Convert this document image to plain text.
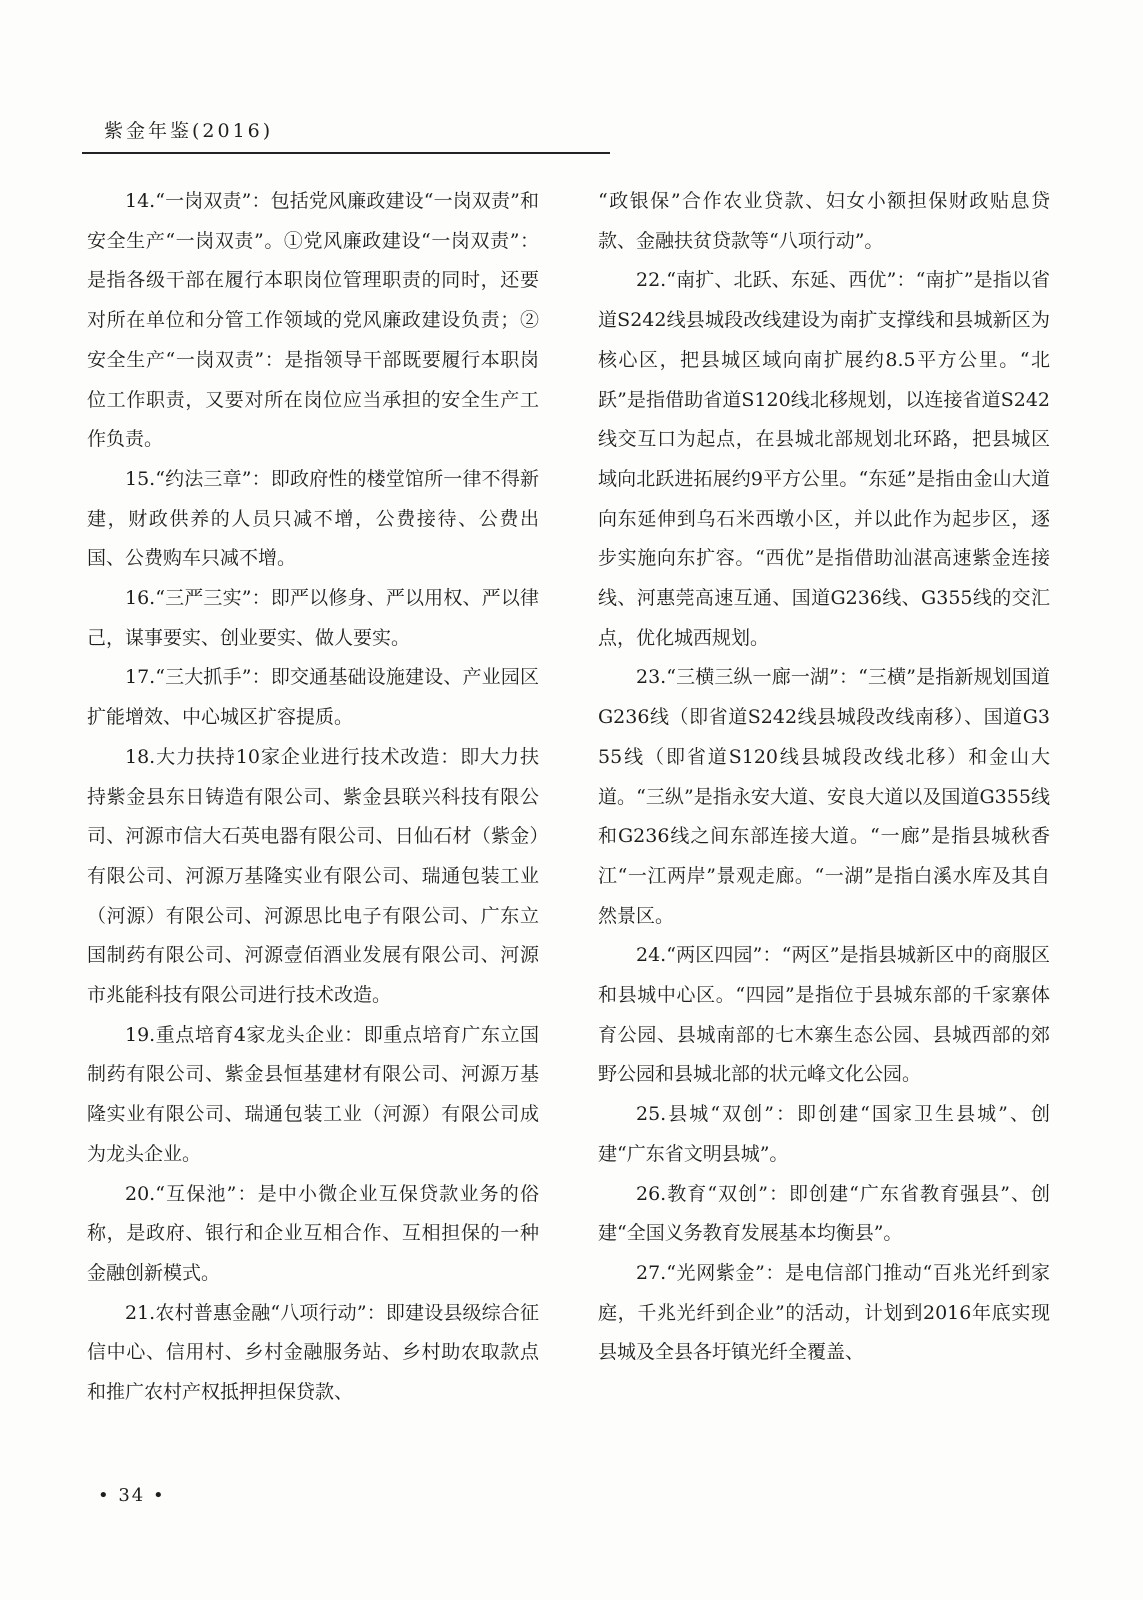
紫金年鉴(2016)

14.“一岗双责”：包括党风廉政建设“一岗双责”和安全生产“一岗双责”。①党风廉政建设“一岗双责”：是指各级干部在履行本职岗位管理职责的同时，还要对所在单位和分管工作领域的党风廉政建设负责；②安全生产“一岗双责”：是指领导干部既要履行本职岗位工作职责，又要对所在岗位应当承担的安全生产工作负责。

15.“约法三章”：即政府性的楼堂馆所一律不得新建，财政供养的人员只减不增，公费接待、公费出国、公费购车只减不增。

16.“三严三实”：即严以修身、严以用权、严以律己，谋事要实、创业要实、做人要实。

17.“三大抓手”：即交通基础设施建设、产业园区扩能增效、中心城区扩容提质。

18.大力扶持10家企业进行技术改造：即大力扶持紫金县东日铸造有限公司、紫金县联兴科技有限公司、河源市信大石英电器有限公司、日仙石材（紫金）有限公司、河源万基隆实业有限公司、瑞通包装工业（河源）有限公司、河源思比电子有限公司、广东立国制药有限公司、河源壹佰酒业发展有限公司、河源市兆能科技有限公司进行技术改造。

19.重点培育4家龙头企业：即重点培育广东立国制药有限公司、紫金县恒基建材有限公司、河源万基隆实业有限公司、瑞通包装工业（河源）有限公司成为龙头企业。

20.“互保池”：是中小微企业互保贷款业务的俗称，是政府、银行和企业互相合作、互相担保的一种金融创新模式。

21.农村普惠金融“八项行动”：即建设县级综合征信中心、信用村、乡村金融服务站、乡村助农取款点和推广农村产权抵押担保贷款、

“政银保”合作农业贷款、妇女小额担保财政贴息贷款、金融扶贫贷款等“八项行动”。

22.“南扩、北跃、东延、西优”：“南扩”是指以省道S242线县城段改线建设为南扩支撑线和县城新区为核心区，把县城区域向南扩展约8.5平方公里。“北跃”是指借助省道S120线北移规划，以连接省道S242线交互口为起点，在县城北部规划北环路，把县城区域向北跃进拓展约9平方公里。“东延”是指由金山大道向东延伸到乌石米西墩小区，并以此作为起步区，逐步实施向东扩容。“西优”是指借助汕湛高速紫金连接线、河惠莞高速互通、国道G236线、G355线的交汇点，优化城西规划。

23.“三横三纵一廊一湖”：“三横”是指新规划国道G236线（即省道S242线县城段改线南移）、国道G355线（即省道S120线县城段改线北移）和金山大道。“三纵”是指永安大道、安良大道以及国道G355线和G236线之间东部连接大道。“一廊”是指县城秋香江“一江两岸”景观走廊。“一湖”是指白溪水库及其自然景区。

24.“两区四园”：“两区”是指县城新区中的商服区和县城中心区。“四园”是指位于县城东部的千家寨体育公园、县城南部的七木寨生态公园、县城西部的郊野公园和县城北部的状元峰文化公园。

25.县城“双创”：即创建“国家卫生县城”、创建“广东省文明县城”。

26.教育“双创”：即创建“广东省教育强县”、创建“全国义务教育发展基本均衡县”。

27.“光网紫金”：是电信部门推动“百兆光纤到家庭，千兆光纤到企业”的活动，计划到2016年底实现县城及全县各圩镇光纤全覆盖、

• 34 •
